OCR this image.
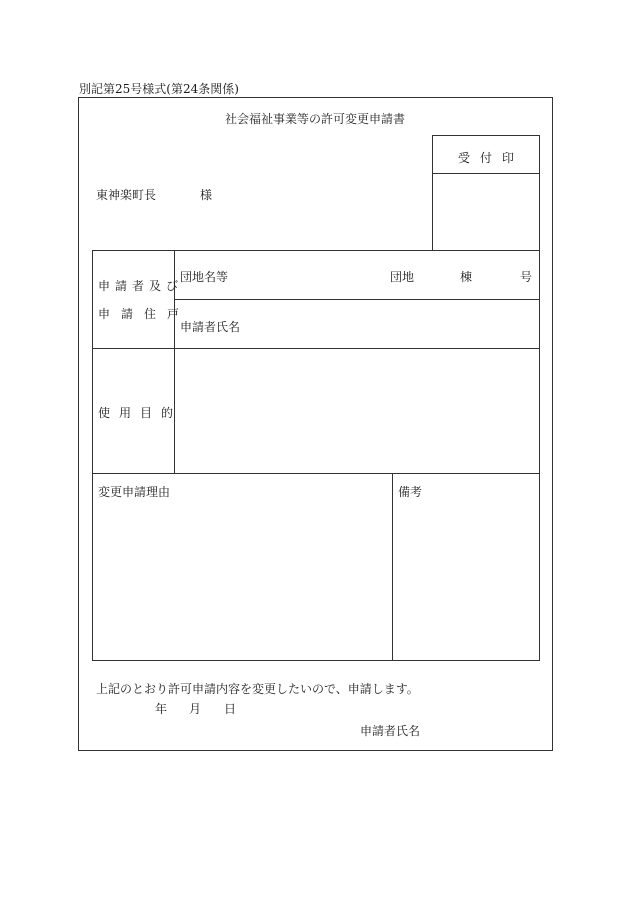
別記第25号様式(第24条関係)
社会福祉事業等の許可変更申請書
受付印
東神楽町長	様
申請者及び
申請住戸
団地名等	団地	棟	号
申請者氏名
使用目的
変更申請理由	備考
上記のとおり許可申請内容を変更したいので、申請します。
年 月 日
申請者氏名
